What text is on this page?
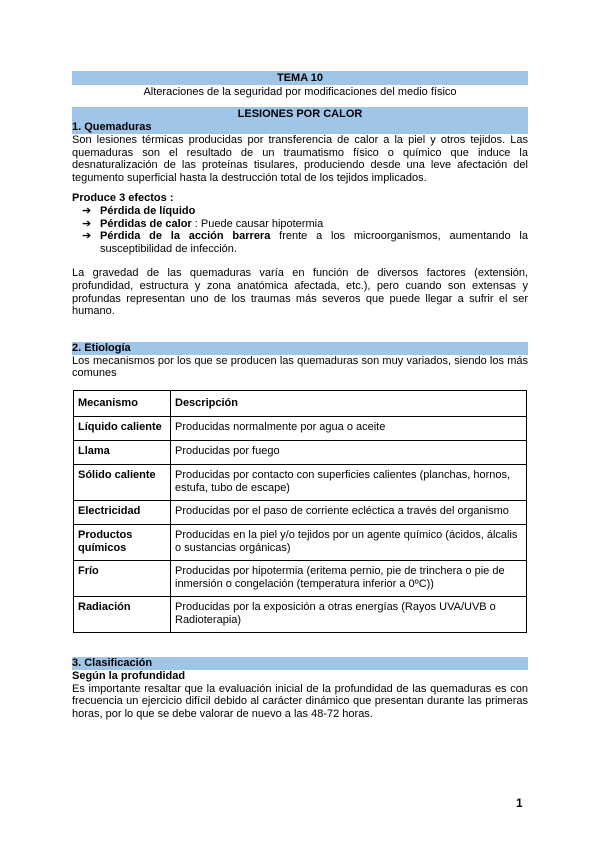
TEMA 10
Alteraciones de la seguridad por modificaciones del medio físico
LESIONES POR CALOR
1. Quemaduras

Son lesiones térmicas producidas por transferencia de calor a la piel y otros tejidos. Las quemaduras son el resultado de un traumatismo físico o químico que induce la desnaturalización de las proteínas tisulares, produciendo desde una leve afectación del tegumento superficial hasta la destrucción total de los tejidos implicados.

Produce 3 efectos :
➔ Pérdida de líquido
➔ Pérdidas de calor : Puede causar hipotermia
➔ Pérdida de la acción barrera frente a los microorganismos, aumentando la susceptibilidad de infección.

La gravedad de las quemaduras varía en función de diversos factores (extensión, profundidad, estructura y zona anatómica afectada, etc.), pero cuando son extensas y profundas representan uno de los traumas más severos que puede llegar a sufrir el ser humano.

2. Etiología

Los mecanismos por los que se producen las quemaduras son muy variados, siendo los más comunes

Mecanismo	Descripción
Líquido caliente	Producidas normalmente por agua o aceite
Llama	Producidas por fuego
Sólido caliente	Producidas por contacto con superficies calientes (planchas, hornos, estufa, tubo de escape)
Electricidad	Producidas por el paso de corriente ecléctica a través del organismo
Productos químicos	Producidas en la piel y/o tejidos por un agente químico (ácidos, álcalis o sustancias orgánicas)
Frío	Producidas por hipotermia (eritema pernio, pie de trinchera o pie de inmersión o congelación (temperatura inferior a 0ºC))
Radiación	Producidas por la exposición a otras energías (Rayos UVA/UVB o Radioterapia)
3. Clasificación
Según la profundidad

Es importante resaltar que la evaluación inicial de la profundidad de las quemaduras es con frecuencia un ejercicio difícil debido al carácter dinámico que presentan durante las primeras horas, por lo que se debe valorar de nuevo a las 48-72 horas.

1
